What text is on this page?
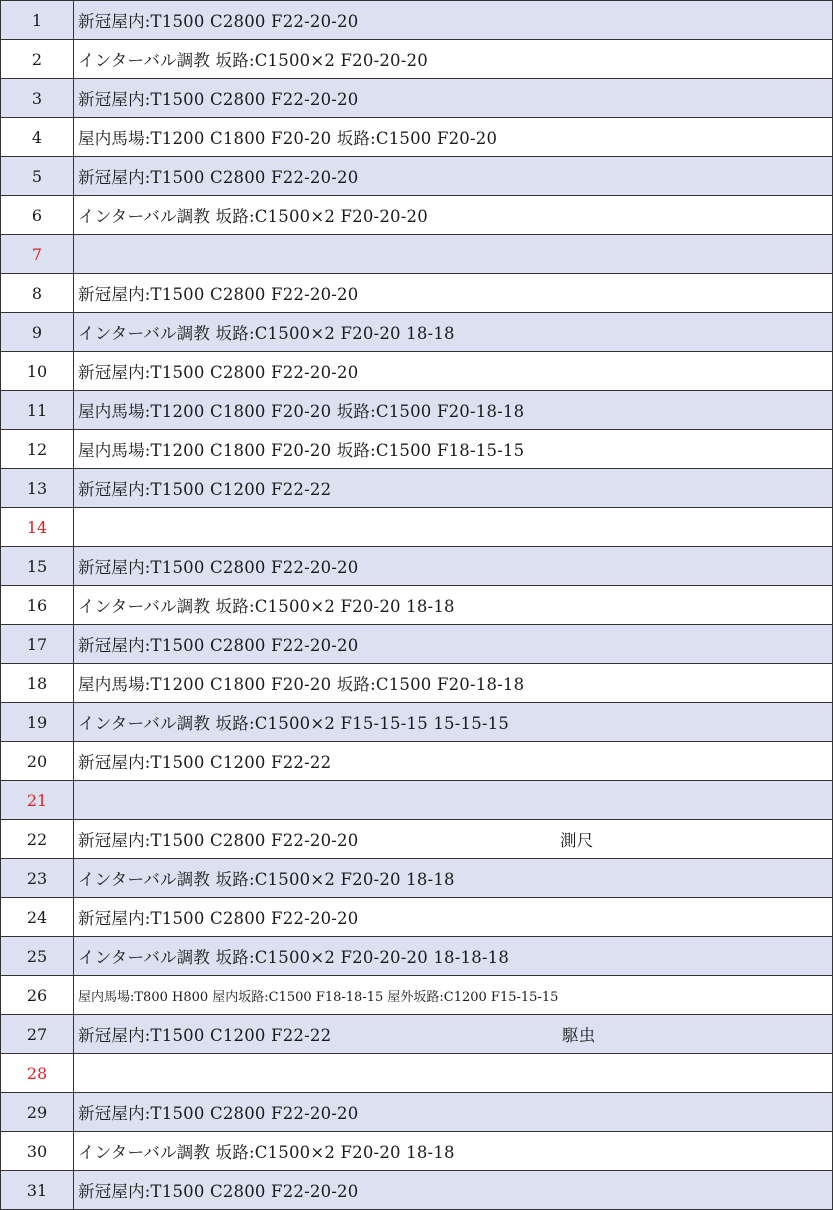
1	新冠屋内:T1500 C2800 F22-20-20
2	インターバル調教 坂路:C1500×2 F20-20-20
3	新冠屋内:T1500 C2800 F22-20-20
4	屋内馬場:T1200 C1800 F20-20 坂路:C1500 F20-20
5	新冠屋内:T1500 C2800 F22-20-20
6	インターバル調教 坂路:C1500×2 F20-20-20
7	
8	新冠屋内:T1500 C2800 F22-20-20
9	インターバル調教 坂路:C1500×2 F20-20 18-18
10	新冠屋内:T1500 C2800 F22-20-20
11	屋内馬場:T1200 C1800 F20-20 坂路:C1500 F20-18-18
12	屋内馬場:T1200 C1800 F20-20 坂路:C1500 F18-15-15
13	新冠屋内:T1500 C1200 F22-22
14	
15	新冠屋内:T1500 C2800 F22-20-20
16	インターバル調教 坂路:C1500×2 F20-20 18-18
17	新冠屋内:T1500 C2800 F22-20-20
18	屋内馬場:T1200 C1800 F20-20 坂路:C1500 F20-18-18
19	インターバル調教 坂路:C1500×2 F15-15-15 15-15-15
20	新冠屋内:T1500 C1200 F22-22
21	
22	新冠屋内:T1500 C2800 F22-20-20 測尺

23	インターバル調教 坂路:C1500×2 F20-20 18-18
24	新冠屋内:T1500 C2800 F22-20-20
25	インターバル調教 坂路:C1500×2 F20-20-20 18-18-18
26	屋内馬場:T800 H800 屋内坂路:C1500 F18-18-15 屋外坂路:C1200 F15-15-15
27	新冠屋内:T1500 C1200 F22-22 駆虫

28	
29	新冠屋内:T1500 C2800 F22-20-20
30	インターバル調教 坂路:C1500×2 F20-20 18-18
31	新冠屋内:T1500 C2800 F22-20-20
